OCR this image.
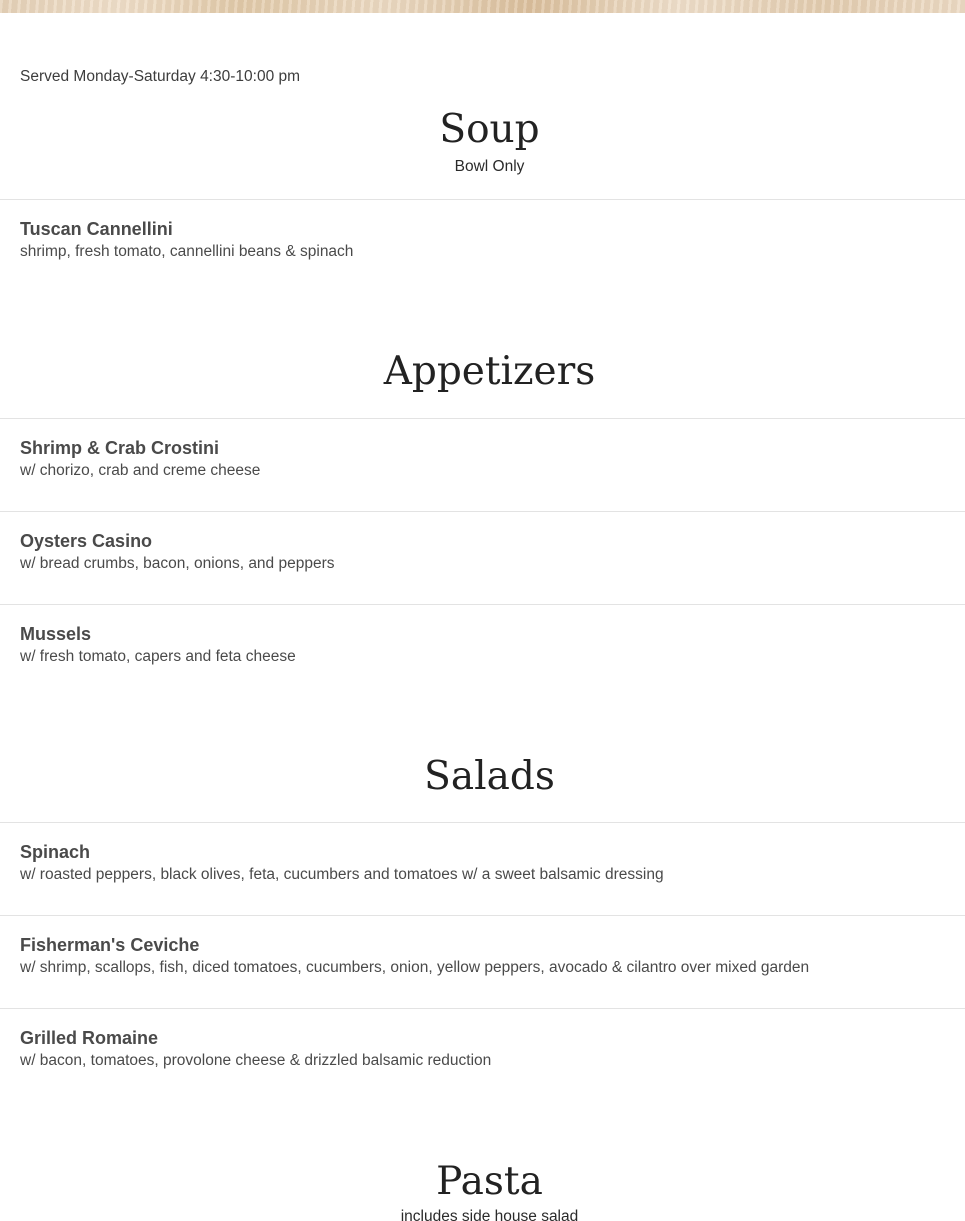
Served Monday-Saturday 4:30-10:00 pm
Soup
Bowl Only
Tuscan Cannellini
shrimp, fresh tomato, cannellini beans & spinach
Appetizers
Shrimp & Crab Crostini
w/ chorizo, crab and creme cheese
Oysters Casino
w/ bread crumbs, bacon, onions, and peppers
Mussels
w/ fresh tomato, capers and feta cheese
Salads
Spinach
w/ roasted peppers, black olives, feta, cucumbers and tomatoes w/ a sweet balsamic dressing
Fisherman's Ceviche
w/ shrimp, scallops, fish, diced tomatoes, cucumbers, onion, yellow peppers, avocado & cilantro over mixed garden
Grilled Romaine
w/ bacon, tomatoes, provolone cheese & drizzled balsamic reduction
Pasta
includes side house salad
